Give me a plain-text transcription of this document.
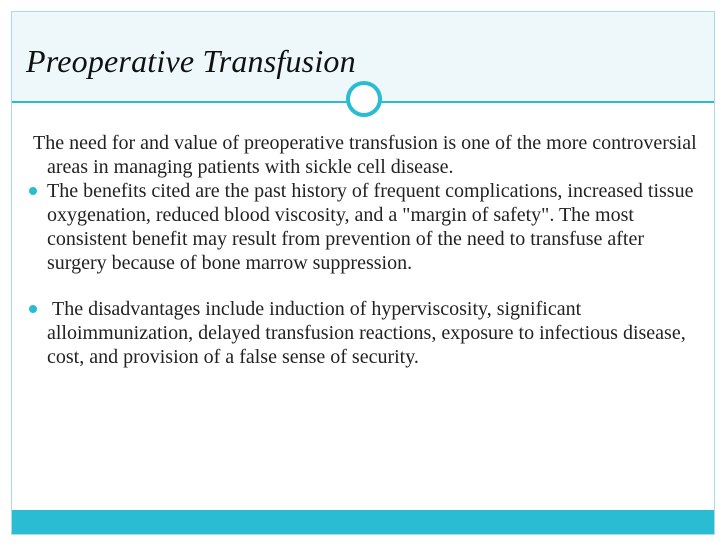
Preoperative Transfusion

The need for and value of preoperative transfusion is one of the more controversial areas in managing patients with sickle cell disease.

The benefits cited are the past history of frequent complications, increased tissue oxygenation, reduced blood viscosity, and a "margin of safety". The most consistent benefit may result from prevention of the need to transfuse after surgery because of bone marrow suppression.

The disadvantages include induction of hyperviscosity, significant alloimmunization, delayed transfusion reactions, exposure to infectious disease, cost, and provision of a false sense of security.
